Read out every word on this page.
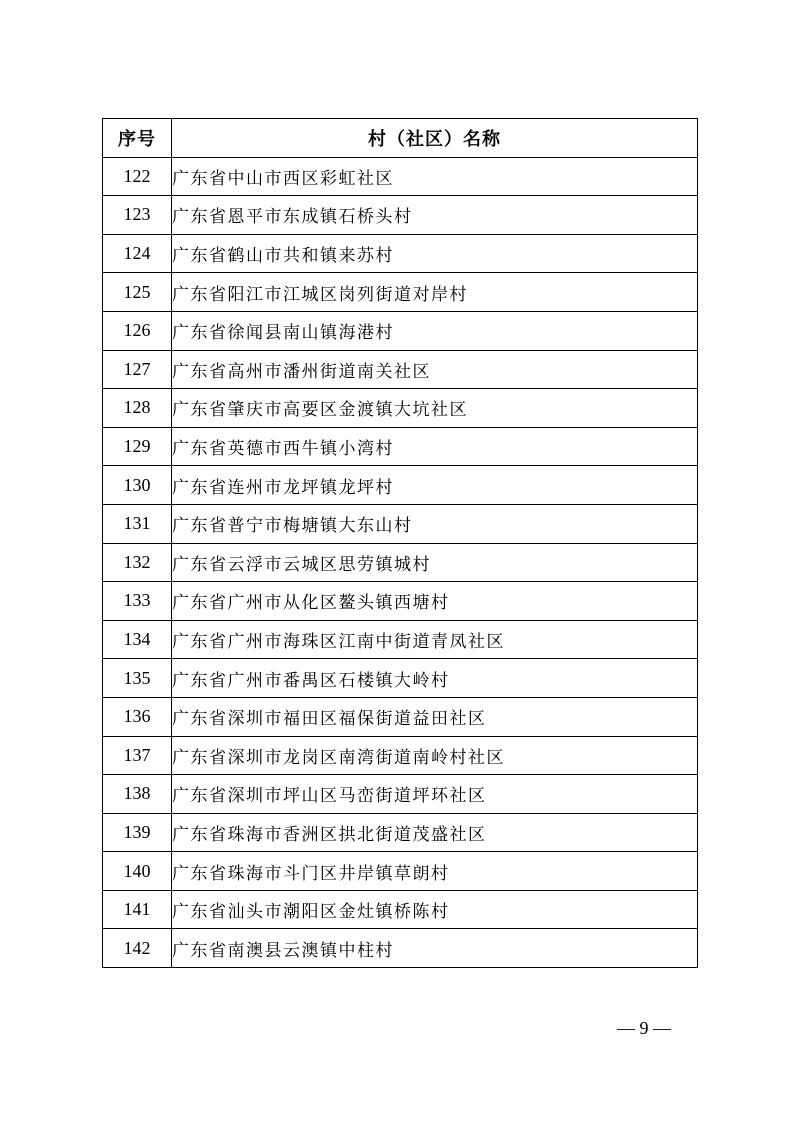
序号	村（社区）名称
122	广东省中山市西区彩虹社区
123	广东省恩平市东成镇石桥头村
124	广东省鹤山市共和镇来苏村
125	广东省阳江市江城区岗列街道对岸村
126	广东省徐闻县南山镇海港村
127	广东省高州市潘州街道南关社区
128	广东省肇庆市高要区金渡镇大坑社区
129	广东省英德市西牛镇小湾村
130	广东省连州市龙坪镇龙坪村
131	广东省普宁市梅塘镇大东山村
132	广东省云浮市云城区思劳镇城村
133	广东省广州市从化区鳌头镇西塘村
134	广东省广州市海珠区江南中街道青凤社区
135	广东省广州市番禺区石楼镇大岭村
136	广东省深圳市福田区福保街道益田社区
137	广东省深圳市龙岗区南湾街道南岭村社区
138	广东省深圳市坪山区马峦街道坪环社区
139	广东省珠海市香洲区拱北街道茂盛社区
140	广东省珠海市斗门区井岸镇草朗村
141	广东省汕头市潮阳区金灶镇桥陈村
142	广东省南澳县云澳镇中柱村
— 9 —
